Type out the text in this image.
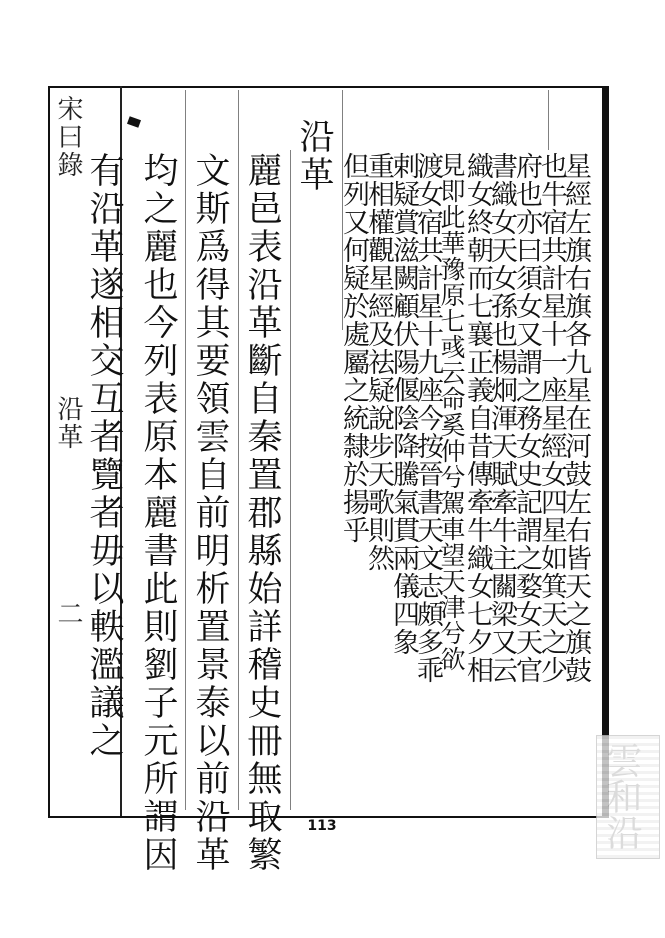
宋曰錄
沿革
二	星經左旗右旗各九星在河鼓左右皆天之旗鼓
也牛宿共計星十一座星經女四星如箕天之少
府也亦曰須女又謂之務女史記謂之婺女天官
書織女天女孫也楊炯渾天賦牽牛主關梁又云
織女終朝而七襄正義自昔傳牽牛織女七夕相
見即此華豫原七彧云命奚仲兮駕車望天津兮欲
渡女宿共計星十九座今按晉書天文志頗多乖
剌疑賞滋闕顧伏陽偃陰降騰氣貫兩儀四象
重相權觀星經及祛疑說步天歌則然
但列又何疑於處屬之統隸於揚乎
沿革
麗邑表沿革斷自秦置郡縣始詳稽史冊無取繁
文斯爲得其要領雲自前明析置景泰以前沿革
均之麗也今列表原本麗書此則劉子元所謂因
有沿革遂相交互者覽者毋以軼濫議之
113	雲和沿
